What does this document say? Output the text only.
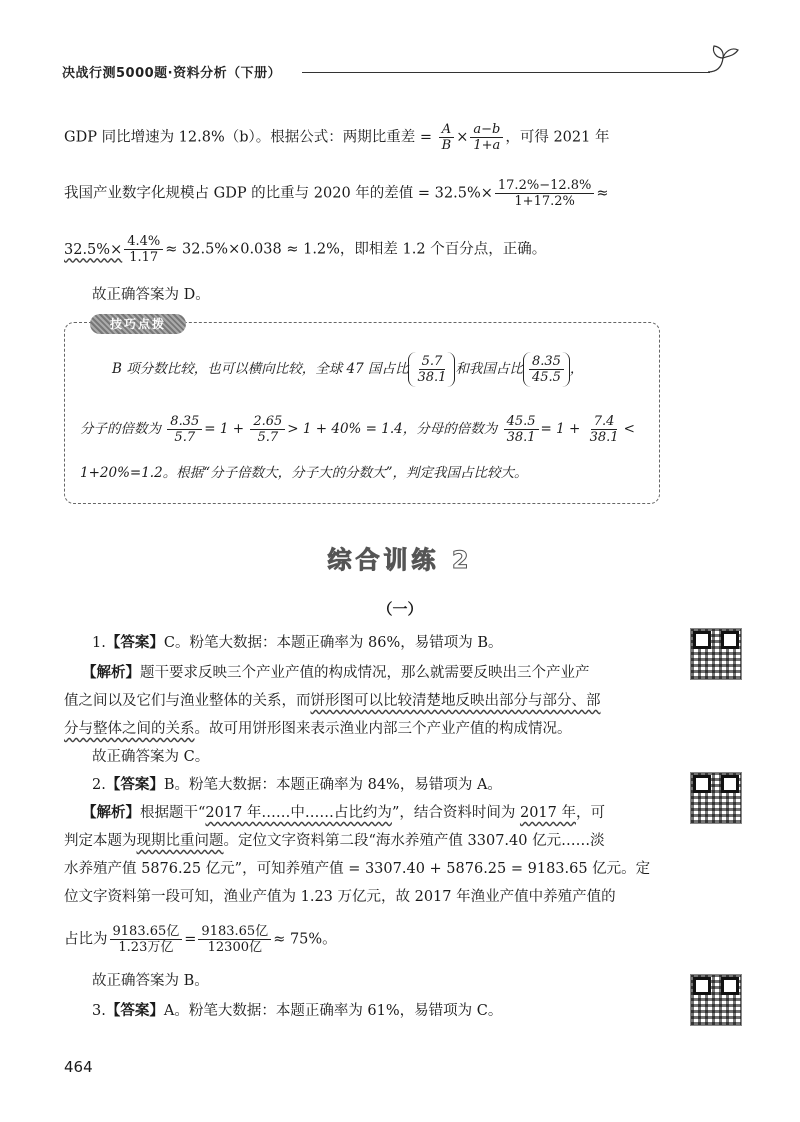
决战行测5000题·资料分析（下册）
GDP 同比增速为 12.8%（b）。根据公式：两期比重差 = $\frac{A}{B} \times \frac{a-b}{1+a}$ ，可得 2021 年
我国产业数字化规模占 GDP 的比重与 2020 年的差值 = $32.5\%\times \frac{17.2\%-12.8\%}{1+17.2\%}$ ≈
$32.5\%\times \frac{4.4\%}{1.17} \approx 32.5\%\times 0.038 \approx 1.2\%$，即相差 1.2 个百分点，正确。
故正确答案为 D。
技巧点拨
B 项分数比较，也可以横向比较，全球 47 国占比 $\frac{5.7}{38.1}$ 和我国占比 $\frac{8.35}{45.5}$ ，
分子的倍数为 $\frac{8.35}{5.7} = 1 + \frac{2.65}{5.7} > 1 + 40\% = 1.4$，分母的倍数为 $\frac{45.5}{38.1} = 1 + \frac{7.4}{38.1}$ <
1+20%=1.2。根据“分子倍数大，分子大的分数大”，判定我国占比较大。
综合训练 2
（一）
1.【答案】C。粉笔大数据：本题正确率为 86%，易错项为 B。
【解析】题干要求反映三个产业产值的构成情况，那么就需要反映出三个产业产
值之间以及它们与渔业整体的关系，而饼形图可以比较清楚地反映出部分与部分、部
分与整体之间的关系。故可用饼形图来表示渔业内部三个产业产值的构成情况。
故正确答案为 C。
2.【答案】B。粉笔大数据：本题正确率为 84%，易错项为 A。
【解析】根据题干“2017 年……中……占比约为”，结合资料时间为 2017 年，可
判定本题为现期比重问题。定位文字资料第二段“海水养殖产值 3307.40 亿元……淡
水养殖产值 5876.25 亿元”，可知养殖产值 = 3307.40 + 5876.25 = 9183.65 亿元。定
位文字资料第一段可知，渔业产值为 1.23 万亿元，故 2017 年渔业产值中养殖产值的
占比为 $\frac{\text{9183.65亿}}{\text{1.23万亿}} = \frac{\text{9183.65亿}}{\text{12300亿}} \approx 75\%$。
故正确答案为 B。
3.【答案】A。粉笔大数据：本题正确率为 61%，易错项为 C。
464
